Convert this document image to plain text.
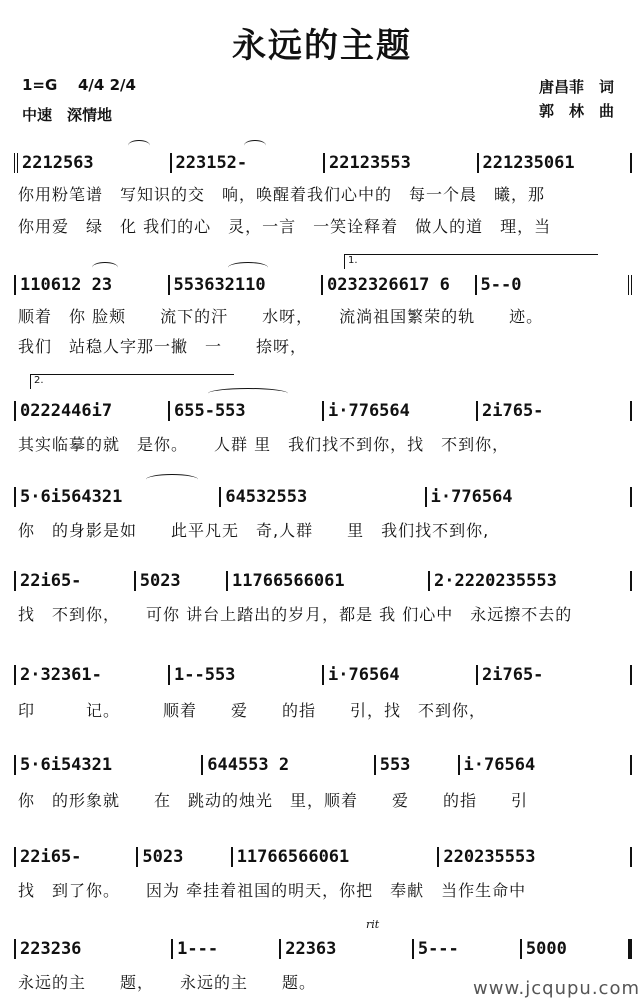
永远的主题
1=G 4/4 2/4
中速　深情地
唐昌菲　词
郭　林　曲
2212563	223152-	22123553	221235061
你用粉笔谱　写知识的交　响，唤醒着我们心中的　每一个晨　曦，那
你用爱　绿　化 我们的心　灵，一言　一笑诠释着　做人的道　理，当
1.
110612 23	553632110	0232326617 6	5--0
顺着　你 脸颊　　流下的汗　　水呀，　　流淌祖国繁荣的轨　　迹。
我们　站稳人字那一撇　一　　捺呀，
2.
0222446i7	655-553	i·776564	2i765-
其实临摹的就　是你。　　人群 里　我们找不到你，找　不到你，
5·6i564321	64532553	i·776564
你　的身影是如　　此平凡无　奇,人群　　里　我们找不到你,
22i65-	5023	11766566061	2·2220235553
找　不到你，　　可你 讲台上踏出的岁月，都是 我 们心中　永远擦不去的
2·32361-	1--553	i·76564	2i765-
印　　　记。　　　顺着　　爱　　的指　　引，找　不到你，
5·6i54321	644553 2	553	i·76564
你　的形象就　　在　跳动的烛光　里，顺着　　爱　　的指　　引
22i65-	5023	11766566061	220235553
找　到了你。　　因为 牵挂着祖国的明天，你把　奉献　当作生命中
rit
223236	1---	22363	5---	5000
永远的主　　题，　　永远的主　　题。	www.jcqupu.com
